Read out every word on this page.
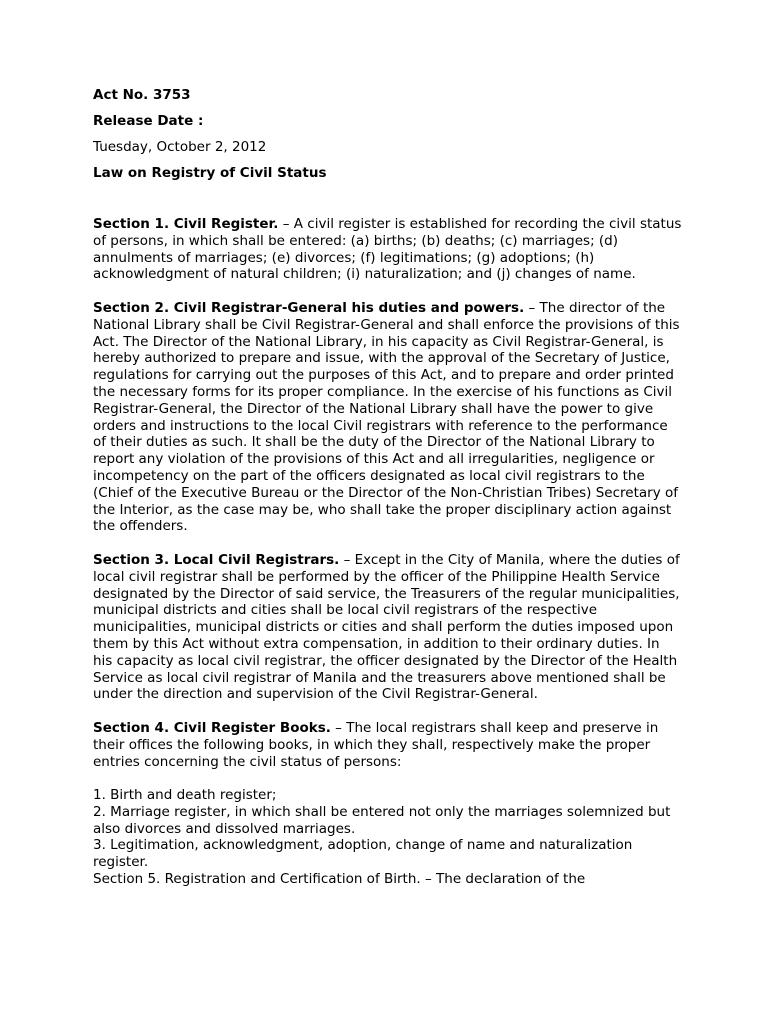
Act No. 3753

Release Date :

Tuesday, October 2, 2012

Law on Registry of Civil Status

Section 1. Civil Register. – A civil register is established for recording the civil status of persons, in which shall be entered: (a) births; (b) deaths; (c) marriages; (d) annulments of marriages; (e) divorces; (f) legitimations; (g) adoptions; (h) acknowledgment of natural children; (i) naturalization; and (j) changes of name.

Section 2. Civil Registrar-General his duties and powers. – The director of the National Library shall be Civil Registrar-General and shall enforce the provisions of this Act. The Director of the National Library, in his capacity as Civil Registrar-General, is hereby authorized to prepare and issue, with the approval of the Secretary of Justice, regulations for carrying out the purposes of this Act, and to prepare and order printed the necessary forms for its proper compliance. In the exercise of his functions as Civil Registrar-General, the Director of the National Library shall have the power to give orders and instructions to the local Civil registrars with reference to the performance of their duties as such. It shall be the duty of the Director of the National Library to report any violation of the provisions of this Act and all irregularities, negligence or incompetency on the part of the officers designated as local civil registrars to the (Chief of the Executive Bureau or the Director of the Non-Christian Tribes) Secretary of the Interior, as the case may be, who shall take the proper disciplinary action against the offenders.

Section 3. Local Civil Registrars. – Except in the City of Manila, where the duties of local civil registrar shall be performed by the officer of the Philippine Health Service designated by the Director of said service, the Treasurers of the regular municipalities, municipal districts and cities shall be local civil registrars of the respective municipalities, municipal districts or cities and shall perform the duties imposed upon them by this Act without extra compensation, in addition to their ordinary duties. In his capacity as local civil registrar, the officer designated by the Director of the Health Service as local civil registrar of Manila and the treasurers above mentioned shall be under the direction and supervision of the Civil Registrar-General.

Section 4. Civil Register Books. – The local registrars shall keep and preserve in their offices the following books, in which they shall, respectively make the proper entries concerning the civil status of persons:

1. Birth and death register;
2. Marriage register, in which shall be entered not only the marriages solemnized but also divorces and dissolved marriages.
3. Legitimation, acknowledgment, adoption, change of name and naturalization register.
Section 5. Registration and Certification of Birth. – The declaration of the
